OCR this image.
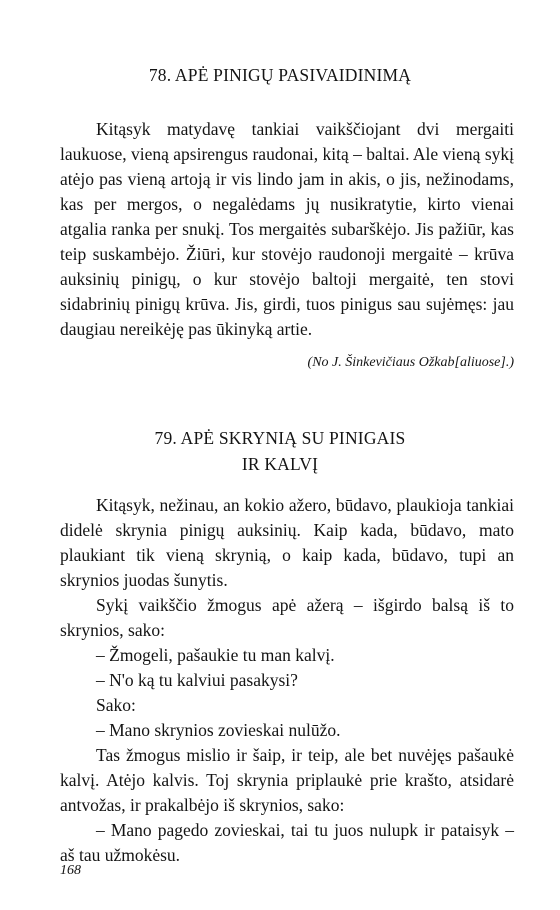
78. APĖ PINIGŲ PASIVAIDINIMĄ

Kitąsyk matydavę tankiai vaikščiojant dvi mergaiti laukuose, vieną apsirengus raudonai, kitą – baltai. Ale vieną sykį atėjo pas vieną artoją ir vis lindo jam in akis, o jis, nežinodams, kas per mergos, o negalėdams jų nusikratytie, kirto vienai atgalia ranka per snukį. Tos mergaitės subarškėjo. Jis pažiūr, kas teip suskambėjo. Žiūri, kur stovėjo raudonoji mergaitė – krūva auksinių pinigų, o kur stovėjo baltoji mergaitė, ten stovi sidabrinių pinigų krūva. Jis, girdi, tuos pinigus sau sujėmęs: jau daugiau nereikėję pas ūkinyką artie.

(No J. Šinkevičiaus Ožkab[aliuose].)
79. APĖ SKRYNIĄ SU PINIGAIS
IR KALVĮ

Kitąsyk, nežinau, an kokio ažero, būdavo, plaukioja tankiai didelė skrynia pinigų auksinių. Kaip kada, būdavo, mato plaukiant tik vieną skrynią, o kaip kada, būdavo, tupi an skrynios juodas šunytis.

Sykį vaikščio žmogus apė ažerą – išgirdo balsą iš to skrynios, sako:

– Žmogeli, pašaukie tu man kalvį.

– N'o ką tu kalviui pasakysi?

Sako:

– Mano skrynios zovieskai nulūžo.

Tas žmogus mislio ir šaip, ir teip, ale bet nuvėjęs pašaukė kalvį. Atėjo kalvis. Toj skrynia priplaukė prie kraštо, atsidarė antvožas, ir prakalbėjo iš skrynios, sako:

– Mano pagedo zovieskai, tai tu juos nulupk ir pataisyk – aš tau užmokėsu.

168
